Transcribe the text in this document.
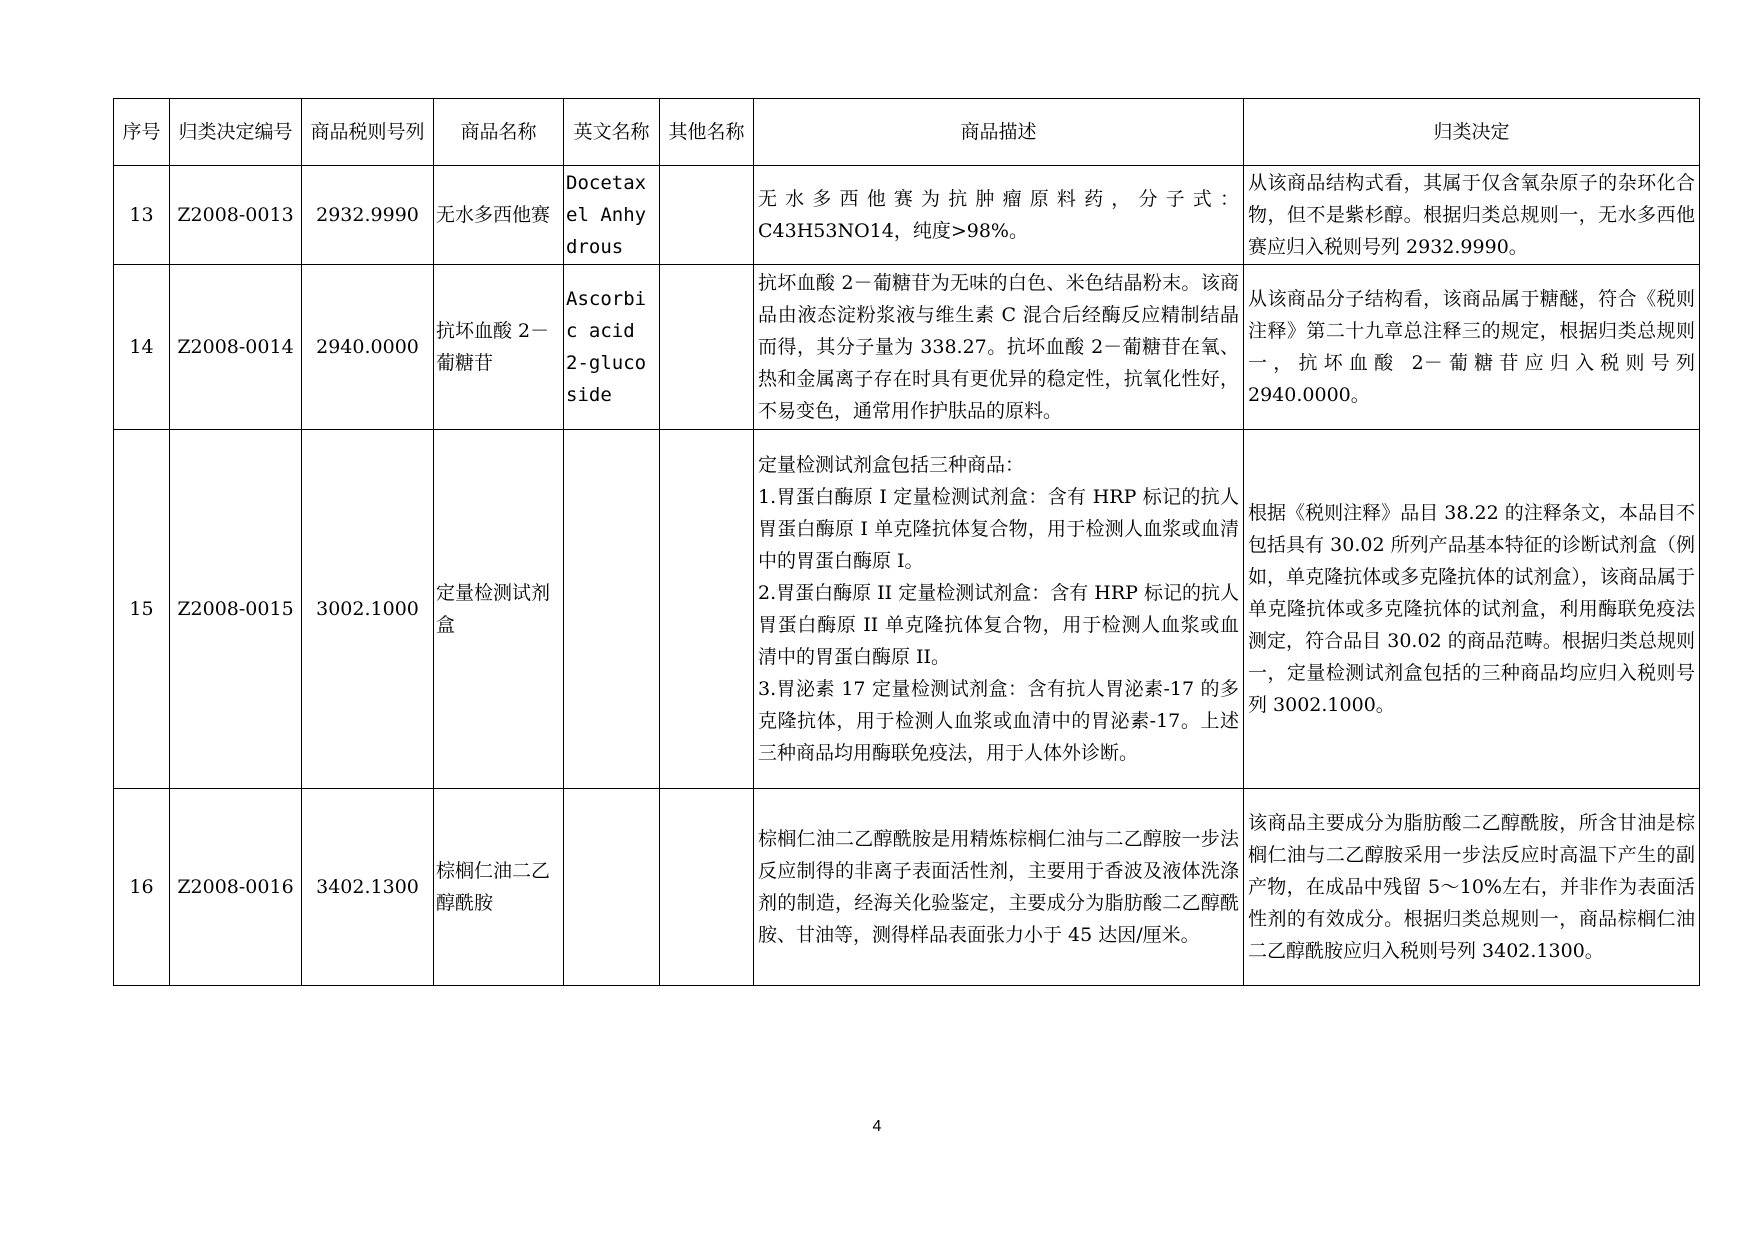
序号	归类决定编号	商品税则号列	商品名称	英文名称	其他名称	商品描述	归类决定
13	Z2008-0013	2932.9990	无水多西他赛	Docetaxel Anhydrous		无水多西他赛为抗肿瘤原料药，分子式：C43H53NO14，纯度>98%。	从该商品结构式看，其属于仅含氧杂原子的杂环化合物，但不是紫杉醇。根据归类总规则一，无水多西他赛应归入税则号列 2932.9990。
14	Z2008-0014	2940.0000	抗坏血酸 2－葡糖苷	Ascorbic acid 2-glucoside		抗坏血酸 2－葡糖苷为无味的白色、米色结晶粉末。该商品由液态淀粉浆液与维生素 C 混合后经酶反应精制结晶而得，其分子量为 338.27。抗坏血酸 2－葡糖苷在氧、热和金属离子存在时具有更优异的稳定性，抗氧化性好，不易变色，通常用作护肤品的原料。	从该商品分子结构看，该商品属于糖醚，符合《税则注释》第二十九章总注释三的规定，根据归类总规则一，抗坏血酸 2－葡糖苷应归入税则号列 2940.0000。
15	Z2008-0015	3002.1000	定量检测试剂盒			定量检测试剂盒包括三种商品：

1.胃蛋白酶原 I 定量检测试剂盒：含有 HRP 标记的抗人胃蛋白酶原 I 单克隆抗体复合物，用于检测人血浆或血清中的胃蛋白酶原 I。

2.胃蛋白酶原 II 定量检测试剂盒：含有 HRP 标记的抗人胃蛋白酶原 II 单克隆抗体复合物，用于检测人血浆或血清中的胃蛋白酶原 II。

3.胃泌素 17 定量检测试剂盒：含有抗人胃泌素-17 的多克隆抗体，用于检测人血浆或血清中的胃泌素-17。上述三种商品均用酶联免疫法，用于人体外诊断。	根据《税则注释》品目 38.22 的注释条文，本品目不包括具有 30.02 所列产品基本特征的诊断试剂盒（例如，单克隆抗体或多克隆抗体的试剂盒），该商品属于单克隆抗体或多克隆抗体的试剂盒，利用酶联免疫法测定，符合品目 30.02 的商品范畴。根据归类总规则一，定量检测试剂盒包括的三种商品均应归入税则号列 3002.1000。
16	Z2008-0016	3402.1300	棕榈仁油二乙醇酰胺			棕榈仁油二乙醇酰胺是用精炼棕榈仁油与二乙醇胺一步法反应制得的非离子表面活性剂，主要用于香波及液体洗涤剂的制造，经海关化验鉴定，主要成分为脂肪酸二乙醇酰胺、甘油等，测得样品表面张力小于 45 达因/厘米。	该商品主要成分为脂肪酸二乙醇酰胺，所含甘油是棕榈仁油与二乙醇胺采用一步法反应时高温下产生的副产物，在成品中残留 5～10%左右，并非作为表面活性剂的有效成分。根据归类总规则一，商品棕榈仁油二乙醇酰胺应归入税则号列 3402.1300。
4
